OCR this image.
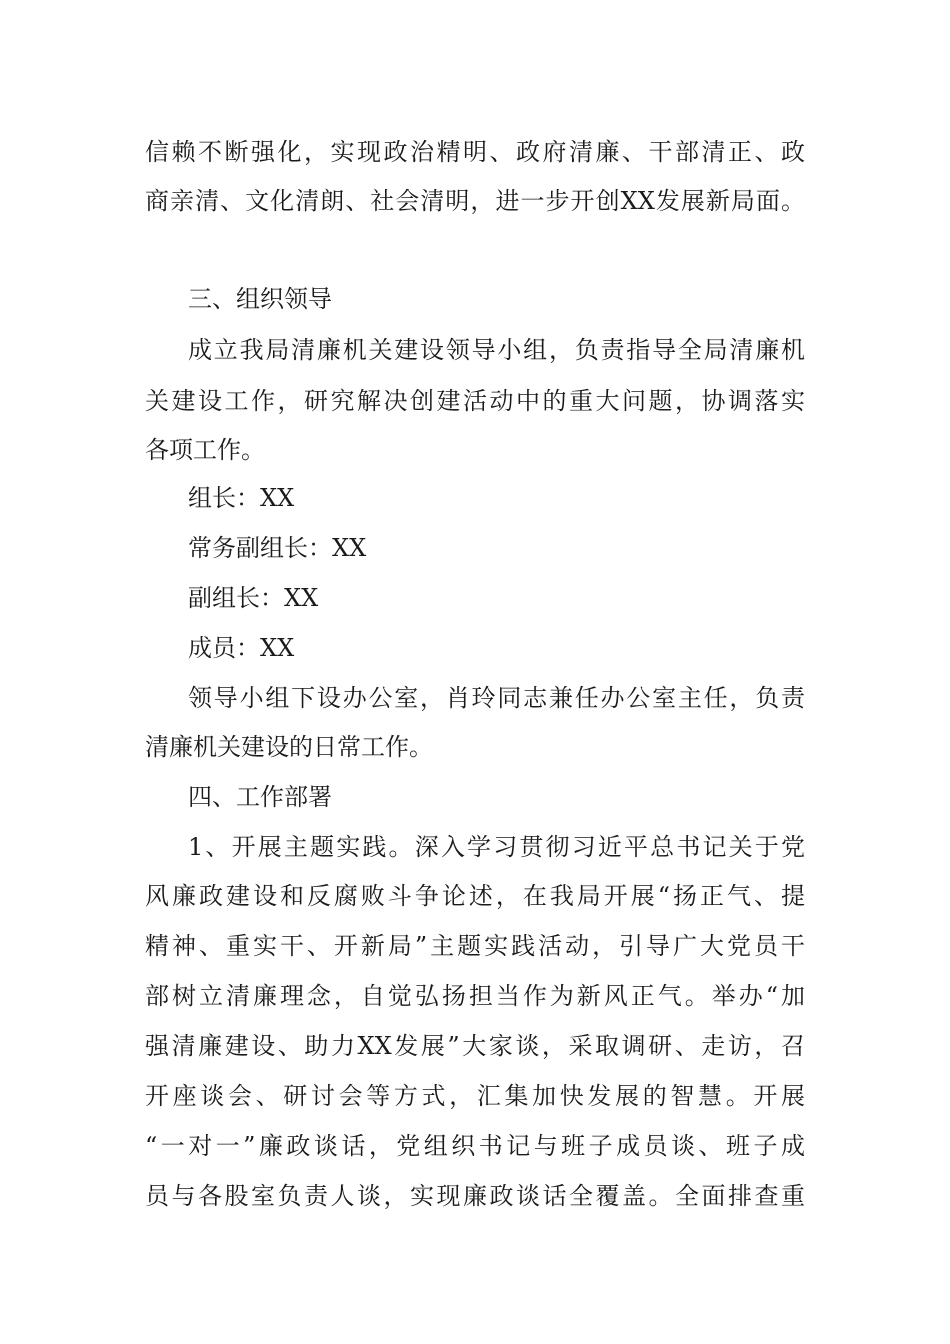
信赖不断强化，实现政治精明、政府清廉、干部清正、政
商亲清、文化清朗、社会清明，进一步开创XX发展新局面。
三、组织领导
成立我局清廉机关建设领导小组，负责指导全局清廉机
关建设工作，研究解决创建活动中的重大问题，协调落实
各项工作。
组长：XX
常务副组长：XX
副组长：XX
成员：XX
领导小组下设办公室，肖玲同志兼任办公室主任，负责
清廉机关建设的日常工作。
四、工作部署
1、开展主题实践。深入学习贯彻习近平总书记关于党
风廉政建设和反腐败斗争论述，在我局开展“扬正气、提
精神、重实干、开新局”主题实践活动，引导广大党员干
部树立清廉理念，自觉弘扬担当作为新风正气。举办“加
强清廉建设、助力XX发展”大家谈，采取调研、走访，召
开座谈会、研讨会等方式，汇集加快发展的智慧。开展
“一对一”廉政谈话，党组织书记与班子成员谈、班子成
员与各股室负责人谈，实现廉政谈话全覆盖。全面排查重
